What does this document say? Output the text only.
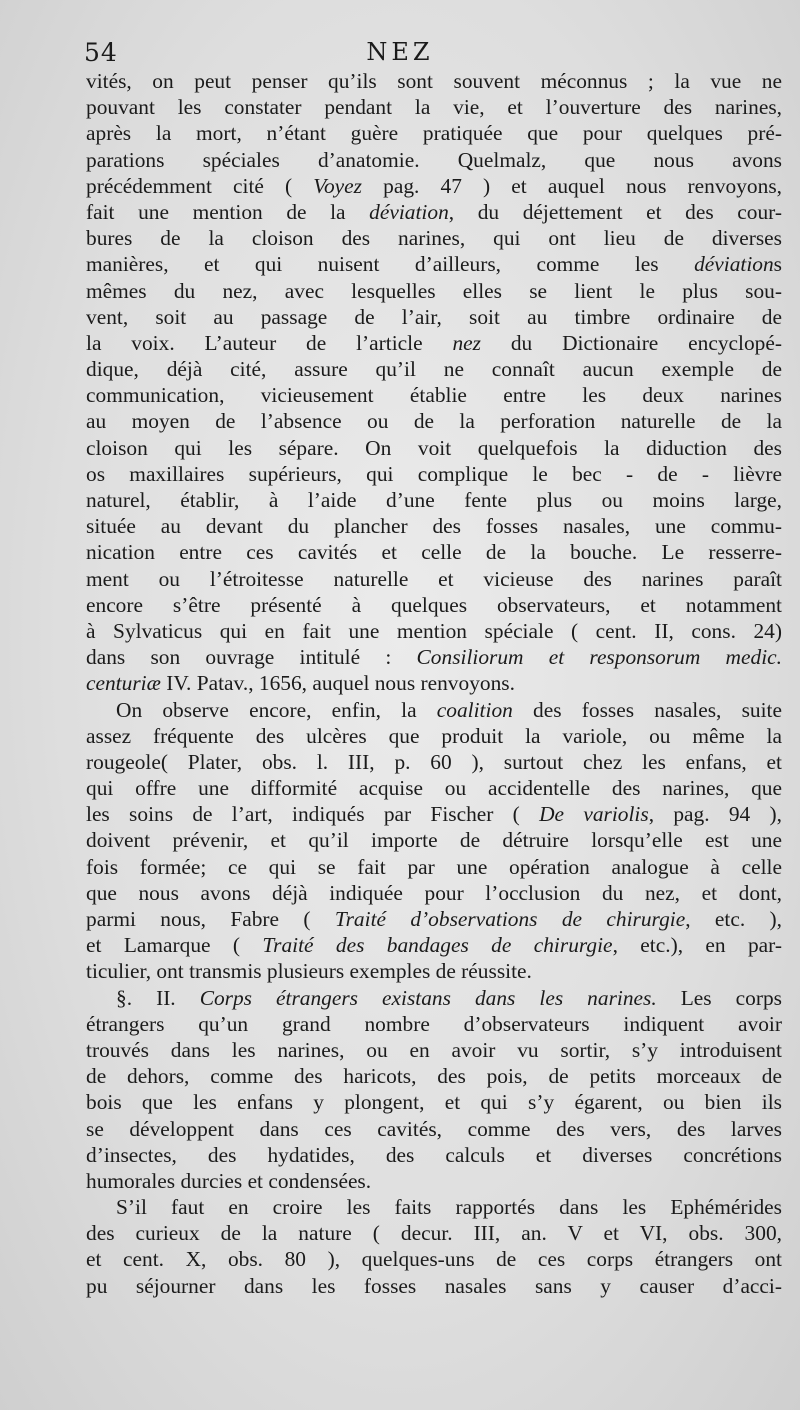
54	NEZ
vités, on peut penser qu’ils sont souvent méconnus ; la vue ne
pouvant les constater pendant la vie, et l’ouverture des narines,
après la mort, n’étant guère pratiquée que pour quelques pré-
parations spéciales d’anatomie. Quelmalz, que nous avons
précédemment cité ( Voyez pag. 47 ) et auquel nous renvoyons,
fait une mention de la déviation, du déjettement et des cour-
bures de la cloison des narines, qui ont lieu de diverses
manières, et qui nuisent d’ailleurs, comme les déviations
mêmes du nez, avec lesquelles elles se lient le plus sou-
vent, soit au passage de l’air, soit au timbre ordinaire de
la voix. L’auteur de l’article nez du Dictionaire encyclopé-
dique, déjà cité, assure qu’il ne connaît aucun exemple de
communication, vicieusement établie entre les deux narines
au moyen de l’absence ou de la perforation naturelle de la
cloison qui les sépare. On voit quelquefois la diduction des
os maxillaires supérieurs, qui complique le bec - de - lièvre
naturel, établir, à l’aide d’une fente plus ou moins large,
située au devant du plancher des fosses nasales, une commu-
nication entre ces cavités et celle de la bouche. Le resserre-
ment ou l’étroitesse naturelle et vicieuse des narines paraît
encore s’être présenté à quelques observateurs, et notamment
à Sylvaticus qui en fait une mention spéciale ( cent. II, cons. 24)
dans son ouvrage intitulé : Consiliorum et responsorum medic.
centuriæ IV. Patav., 1656, auquel nous renvoyons.
On observe encore, enfin, la coalition des fosses nasales, suite
assez fréquente des ulcères que produit la variole, ou même la
rougeole( Plater, obs. l. III, p. 60 ), surtout chez les enfans, et
qui offre une difformité acquise ou accidentelle des narines, que
les soins de l’art, indiqués par Fischer ( De variolis, pag. 94 ),
doivent prévenir, et qu’il importe de détruire lorsqu’elle est une
fois formée; ce qui se fait par une opération analogue à celle
que nous avons déjà indiquée pour l’occlusion du nez, et dont,
parmi nous, Fabre ( Traité d’observations de chirurgie, etc. ),
et Lamarque ( Traité des bandages de chirurgie, etc.), en par-
ticulier, ont transmis plusieurs exemples de réussite.
§. II. Corps étrangers existans dans les narines. Les corps
étrangers qu’un grand nombre d’observateurs indiquent avoir
trouvés dans les narines, ou en avoir vu sortir, s’y introduisent
de dehors, comme des haricots, des pois, de petits morceaux de
bois que les enfans y plongent, et qui s’y égarent, ou bien ils
se développent dans ces cavités, comme des vers, des larves
d’insectes, des hydatides, des calculs et diverses concrétions
humorales durcies et condensées.
S’il faut en croire les faits rapportés dans les Ephémérides
des curieux de la nature ( decur. III, an. V et VI, obs. 300,
et cent. X, obs. 80 ), quelques-uns de ces corps étrangers ont
pu séjourner dans les fosses nasales sans y causer d’acci-
